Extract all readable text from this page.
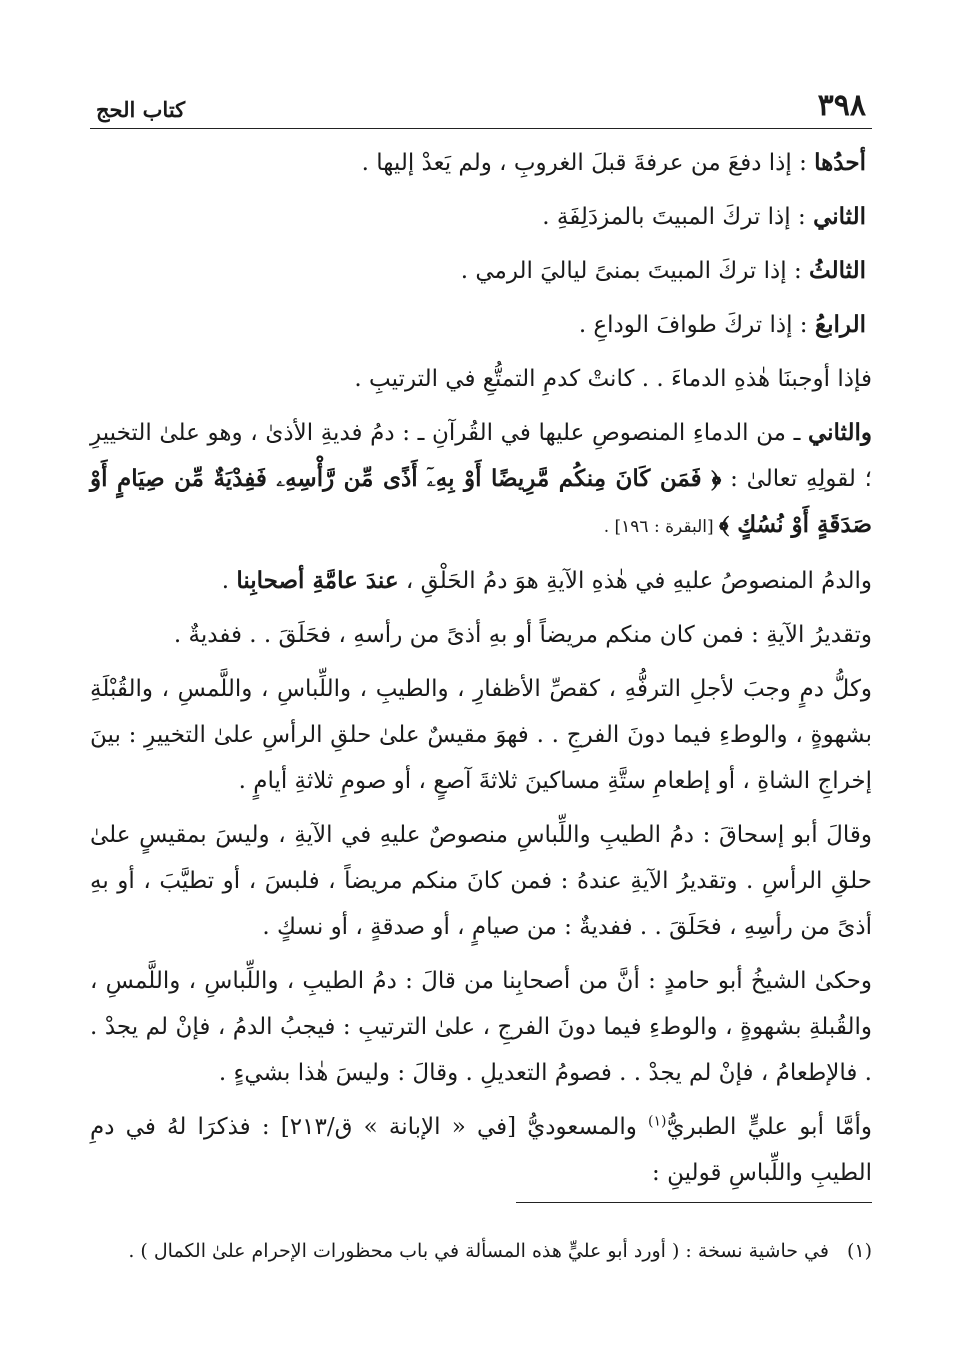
٣٩٨
كتاب الحج
أحدُها : إذا دفعَ من عرفةَ قبلَ الغروبِ ، ولم يَعدْ إليها .
الثاني : إذا تركَ المبيتَ بالمزدَلِفَةِ .
الثالثُ : إذا تركَ المبيتَ بمنىً لياليَ الرمي .
الرابعُ : إذا تركَ طوافَ الوداعِ .

فإذا أوجبنَا هٰذهِ الدماءَ . . كانتْ كدمِ التمتُّعِ في الترتيبِ .

والثاني ـ من الدماءِ المنصوصِ عليها في القُرآنِ ـ : دمُ فديةِ الأذىٰ ، وهو علىٰ التخييرِ ؛ لقولِهِ تعالىٰ : ﴿ فَمَن كَانَ مِنكُم مَّرِيضًا أَوْ بِهِۦٓ أَذًى مِّن رَّأْسِهِۦ فَفِدْيَةٌ مِّن صِيَامٍ أَوْ صَدَقَةٍ أَوْ نُسُكٍ ﴾ [البقرة : ١٩٦] .

والدمُ المنصوصُ عليهِ في هٰذهِ الآيةِ هوَ دمُ الحَلْقِ ، عندَ عامَّةِ أصحابِنا .

وتقديرُ الآيةِ : فمن كان منكم مريضاً أو بهِ أذىً من رأسهِ ، فحَلَقَ . . ففديةٌ .

وكلُّ دمٍ وجبَ لأجلِ الترفُّهِ ، كقصِّ الأظفارِ ، والطيبِ ، واللِّباسِ ، واللَّمسِ ، والقُبْلَةِ بشهوةٍ ، والوطءِ فيما دونَ الفرجِ . . فهوَ مقيسٌ علىٰ حلقِ الرأسِ علىٰ التخييرِ : بينَ إخراجِ الشاةِ ، أو إطعامِ ستَّةِ مساكينَ ثلاثةَ آصعٍ ، أو صومِ ثلاثةِ أيامٍ .

وقالَ أبو إسحاقَ : دمُ الطيبِ واللِّباسِ منصوصٌ عليهِ في الآيةِ ، وليسَ بمقيسٍ علىٰ حلقِ الرأسِ . وتقديرُ الآيةِ عندهُ : فمن كانَ منكم مريضاً ، فلبسَ ، أو تطيَّبَ ، أو بهِ أذىً من رأسِهِ ، فحَلَقَ . . ففديةٌ : من صيامٍ ، أو صدقةٍ ، أو نسكٍ .

وحكىٰ الشيخُ أبو حامدٍ : أنَّ من أصحابِنا من قالَ : دمُ الطيبِ ، واللِّباسِ ، واللَّمسِ ، والقُبلةِ بشهوةٍ ، والوطءِ فيما دونَ الفرجِ ، علىٰ الترتيبِ : فيجبُ الدمُ ، فإنْ لم يجدْ . . فالإطعامُ ، فإنْ لم يجدْ . . فصومُ التعديلِ . وقالَ : وليسَ هٰذا بشيءٍ .

وأمَّا أبو عليٍّ الطبريُّ$^{(١)}$ والمسعوديُّ [في « الإبانة » ق/٢١٣] : فذكرَا لهُ في دمِ الطيبِ واللِّباسِ قولينِ :

(١)في حاشية نسخة : ( أورد أبو عليٍّ هذه المسألة في باب محظورات الإحرام علىٰ الكمال ) .
